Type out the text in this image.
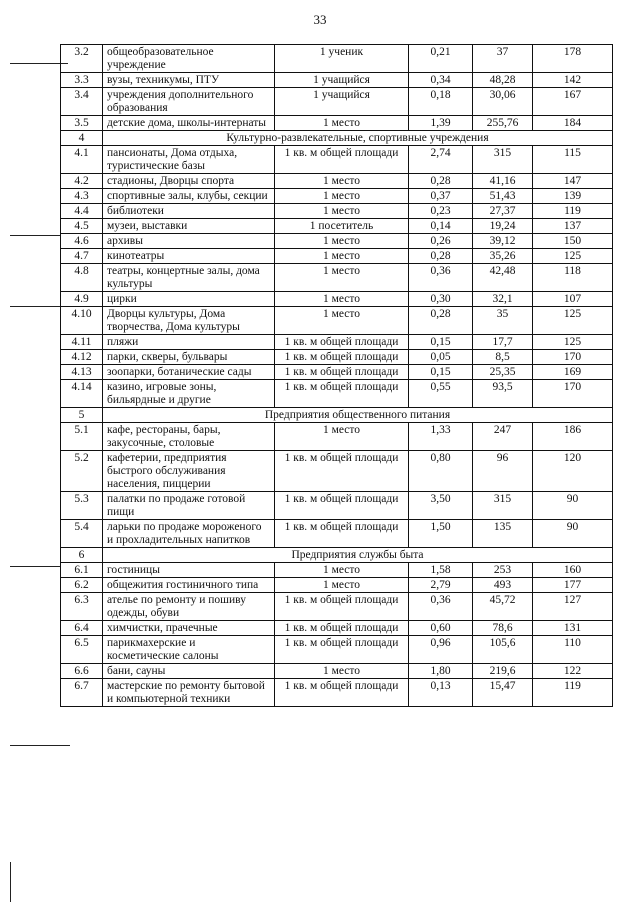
33
3.2	общеобразовательное учреждение	1 ученик	0,21	37	178
3.3	вузы, техникумы, ПТУ	1 учащийся	0,34	48,28	142
3.4	учреждения дополнительного образования	1 учащийся	0,18	30,06	167
3.5	детские дома, школы-интернаты	1 место	1,39	255,76	184
4	Культурно-развлекательные, спортивные учреждения				
4.1	пансионаты, Дома отдыха, туристические базы	1 кв. м общей площади	2,74	315	115
4.2	стадионы, Дворцы спорта	1 место	0,28	41,16	147
4.3	спортивные залы, клубы, секции	1 место	0,37	51,43	139
4.4	библиотеки	1 место	0,23	27,37	119
4.5	музеи, выставки	1 посетитель	0,14	19,24	137
4.6	архивы	1 место	0,26	39,12	150
4.7	кинотеатры	1 место	0,28	35,26	125
4.8	театры, концертные залы, дома культуры	1 место	0,36	42,48	118
4.9	цирки	1 место	0,30	32,1	107
4.10	Дворцы культуры, Дома творчества, Дома культуры	1 место	0,28	35	125
4.11	пляжи	1 кв. м общей площади	0,15	17,7	125
4.12	парки, скверы, бульвары	1 кв. м общей площади	0,05	8,5	170
4.13	зоопарки, ботанические сады	1 кв. м общей площади	0,15	25,35	169
4.14	казино, игровые зоны, бильярдные и другие	1 кв. м общей площади	0,55	93,5	170
5	Предприятия общественного питания				
5.1	кафе, рестораны, бары, закусочные, столовые	1 место	1,33	247	186
5.2	кафетерии, предприятия быстрого обслуживания населения, пиццерии	1 кв. м общей площади	0,80	96	120
5.3	палатки по продаже готовой пищи	1 кв. м общей площади	3,50	315	90
5.4	ларьки по продаже мороженого и прохладительных напитков	1 кв. м общей площади	1,50	135	90
6	Предприятия службы быта				
6.1	гостиницы	1 место	1,58	253	160
6.2	общежития гостиничного типа	1 место	2,79	493	177
6.3	ателье по ремонту и пошиву одежды, обуви	1 кв. м общей площади	0,36	45,72	127
6.4	химчистки, прачечные	1 кв. м общей площади	0,60	78,6	131
6.5	парикмахерские и косметические салоны	1 кв. м общей площади	0,96	105,6	110
6.6	бани, сауны	1 место	1,80	219,6	122
6.7	мастерские по ремонту бытовой и компьютерной техники	1 кв. м общей площади	0,13	15,47	119
